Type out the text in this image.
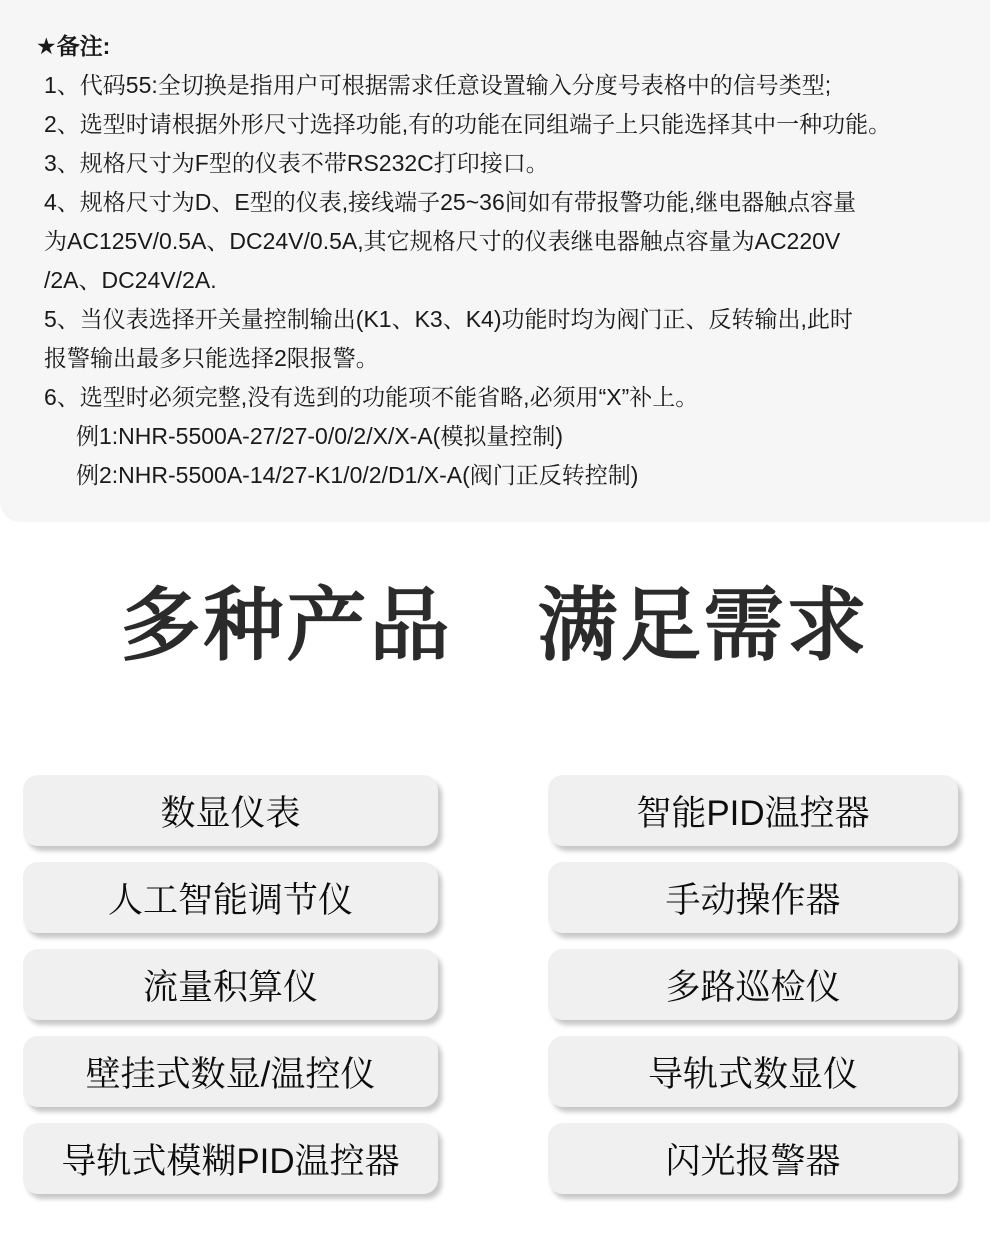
★备注:
1、代码55:全切换是指用户可根据需求任意设置输入分度号表格中的信号类型;
2、选型时请根据外形尺寸选择功能,有的功能在同组端子上只能选择其中一种功能。
3、规格尺寸为F型的仪表不带RS232C打印接口。
4、规格尺寸为D、E型的仪表,接线端子25~36间如有带报警功能,继电器触点容量
为AC125V/0.5A、DC24V/0.5A,其它规格尺寸的仪表继电器触点容量为AC220V
/2A、DC24V/2A.
5、当仪表选择开关量控制输出(K1、K3、K4)功能时均为阀门正、反转输出,此时
报警输出最多只能选择2限报警。
6、选型时必须完整,没有选到的功能项不能省略,必须用“X”补上。
例1:NHR-5500A-27/27-0/0/2/X/X-A(模拟量控制)
例2:NHR-5500A-14/27-K1/0/2/D1/X-A(阀门正反转控制)
多种产品 满足需求
数显仪表	智能PID温控器
人工智能调节仪	手动操作器
流量积算仪	多路巡检仪
壁挂式数显/温控仪	导轨式数显仪
导轨式模糊PID温控器	闪光报警器
